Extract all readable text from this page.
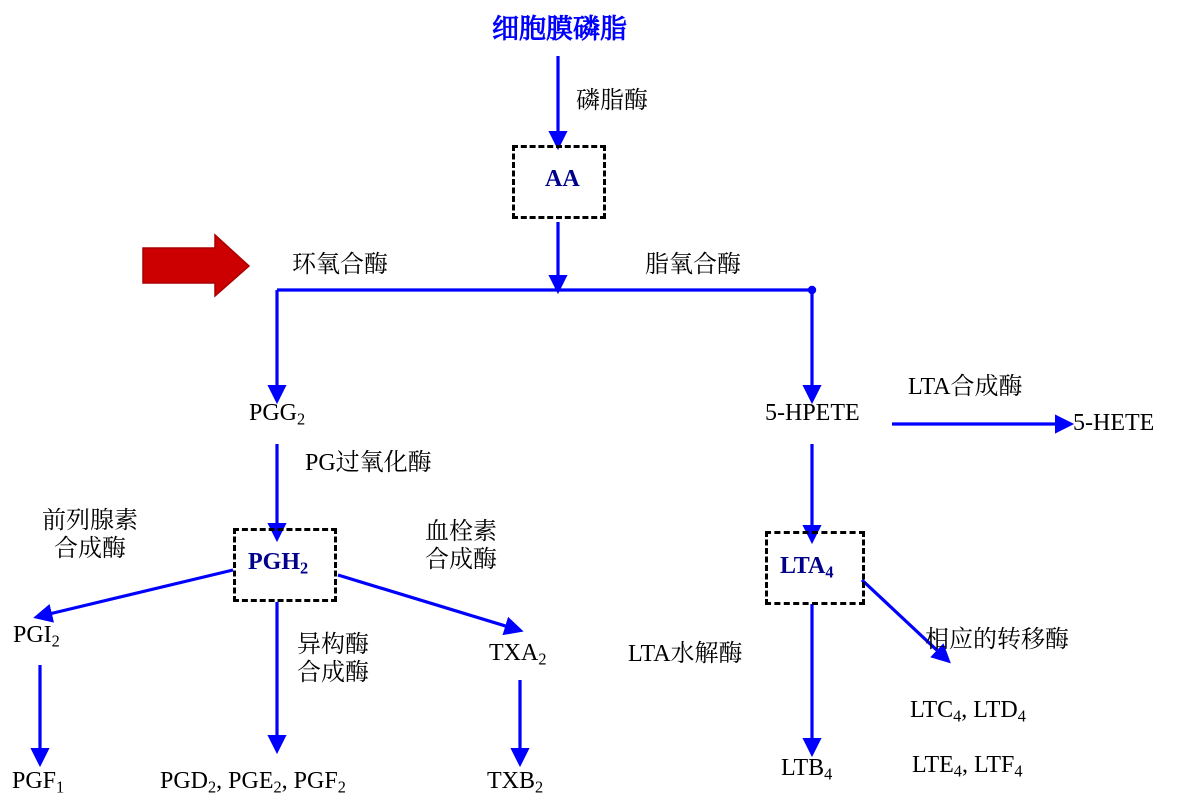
细胞膜磷脂
AA
$PGH_2$	$LTA_4$
磷脂酶
环氧合酶	脂氧合酶
PG过氧化酶
前列腺素
合成酶
血栓素
合成酶
异构酶
合成酶
LTA合成酶
LTA水解酶
相应的转移酶
$PGG_2$
$PGI_2$	$TXA_2$
$PGF_1$	$TXB_2$
5-HPETE	5-HETE
$LTB_4$
$PGD_2$, $PGE_2$, $PGF_2$
$LTC_4$, $LTD_4$
$LTE_4$, $LTF_4$
